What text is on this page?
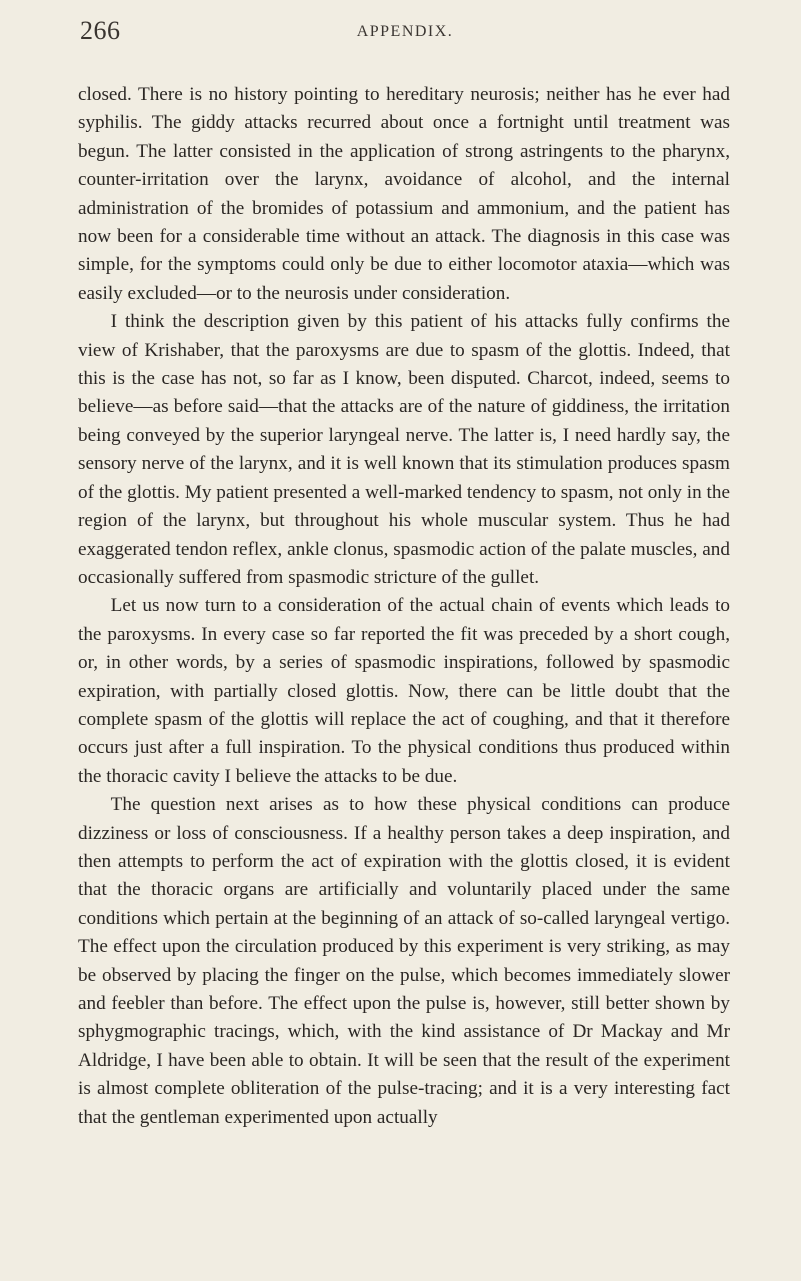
266	APPENDIX.

closed. There is no history pointing to hereditary neurosis; neither has he ever had syphilis. The giddy attacks recurred about once a fortnight until treatment was begun. The latter consisted in the application of strong astringents to the pharynx, counter-irritation over the larynx, avoidance of alcohol, and the internal administration of the bromides of potassium and ammonium, and the patient has now been for a considerable time without an attack. The diagnosis in this case was simple, for the symptoms could only be due to either locomotor ataxia—which was easily excluded—or to the neurosis under consideration.

I think the description given by this patient of his attacks fully confirms the view of Krishaber, that the paroxysms are due to spasm of the glottis. Indeed, that this is the case has not, so far as I know, been disputed. Charcot, indeed, seems to believe—as before said—that the attacks are of the nature of giddiness, the irritation being conveyed by the superior laryngeal nerve. The latter is, I need hardly say, the sensory nerve of the larynx, and it is well known that its stimulation produces spasm of the glottis. My patient presented a well-marked tendency to spasm, not only in the region of the larynx, but throughout his whole muscular system. Thus he had exaggerated tendon reflex, ankle clonus, spasmodic action of the palate muscles, and occasionally suffered from spasmodic stricture of the gullet.

Let us now turn to a consideration of the actual chain of events which leads to the paroxysms. In every case so far reported the fit was preceded by a short cough, or, in other words, by a series of spasmodic inspirations, followed by spasmodic expiration, with partially closed glottis. Now, there can be little doubt that the complete spasm of the glottis will replace the act of coughing, and that it therefore occurs just after a full inspiration. To the physical conditions thus produced within the thoracic cavity I believe the attacks to be due.

The question next arises as to how these physical conditions can produce dizziness or loss of consciousness. If a healthy person takes a deep inspiration, and then attempts to perform the act of expiration with the glottis closed, it is evident that the thoracic organs are artificially and voluntarily placed under the same conditions which pertain at the beginning of an attack of so-called laryngeal vertigo. The effect upon the circulation produced by this experiment is very striking, as may be observed by placing the finger on the pulse, which becomes immediately slower and feebler than before. The effect upon the pulse is, however, still better shown by sphygmographic tracings, which, with the kind assistance of Dr Mackay and Mr Aldridge, I have been able to obtain. It will be seen that the result of the experiment is almost complete obliteration of the pulse-tracing; and it is a very interesting fact that the gentleman experimented upon actually
